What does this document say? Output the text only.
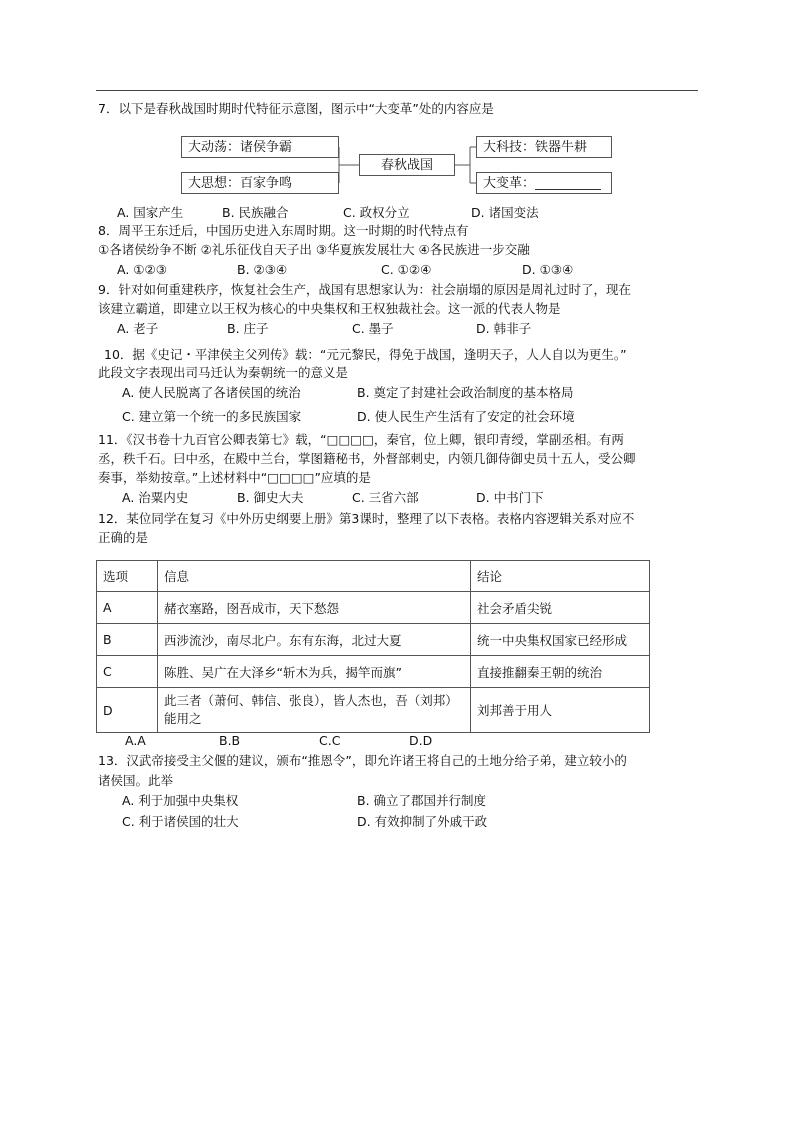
7．以下是春秋战国时期时代特征示意图，图示中“大变革”处的内容应是
大动荡：诸侯争霸
大思想：百家争鸣
春秋战国
大科技：铁器牛耕
大变革：
A. 国家产生	B. 民族融合	C. 政权分立	D. 诸国变法
8．周平王东迁后，中国历史进入东周时期。这一时期的时代特点有
①各诸侯纷争不断 ②礼乐征伐自天子出 ③华夏族发展壮大 ④各民族进一步交融
A. ①②③	B. ②③④	C. ①②④	D. ①③④
9．针对如何重建秩序，恢复社会生产，战国有思想家认为：社会崩塌的原因是周礼过时了，现在
该建立霸道，即建立以王权为核心的中央集权和王权独裁社会。这一派的代表人物是
A. 老子	B. 庄子	C. 墨子	D. 韩非子
10．据《史记・平津侯主父列传》载：“元元黎民，得免于战国，逢明天子，人人自以为更生。”
此段文字表现出司马迁认为秦朝统一的意义是
A. 使人民脱离了各诸侯国的统治	B. 奠定了封建社会政治制度的基本格局
C. 建立第一个统一的多民族国家	D. 使人民生产生活有了安定的社会环境
11．《汉书卷十九百官公卿表第七》载，“□□□□，秦官，位上卿，银印青绶，掌副丞相。有两
丞，秩千石。曰中丞，在殿中兰台，掌图籍秘书，外督部刺史，内领几御侍御史员十五人，受公卿
奏事，举劾按章。”上述材料中“□□□□”应填的是
A. 治粟内史	B. 御史大夫	C. 三省六部	D. 中书门下
12．某位同学在复习《中外历史纲要上册》第3课时，整理了以下表格。表格内容逻辑关系对应不
正确的是
选项	信息	结论
A	赭衣塞路，囹吾成市，天下愁怨	社会矛盾尖锐
B	西涉流沙，南尽北户。东有东海，北过大夏	统一中央集权国家已经形成
C	陈胜、吴广在大泽乡“斩木为兵，揭竿而旗”	直接推翻秦王朝的统治
D	此三者（萧何、韩信、张良），皆人杰也，吾（刘邦）能用之	刘邦善于用人
A.A	B.B	C.C	D.D
13．汉武帝接受主父偃的建议，颁布“推恩令”，即允许诸王将自己的土地分给子弟，建立较小的
诸侯国。此举
A. 利于加强中央集权	B. 确立了郡国并行制度
C. 利于诸侯国的壮大	D. 有效抑制了外戚干政
